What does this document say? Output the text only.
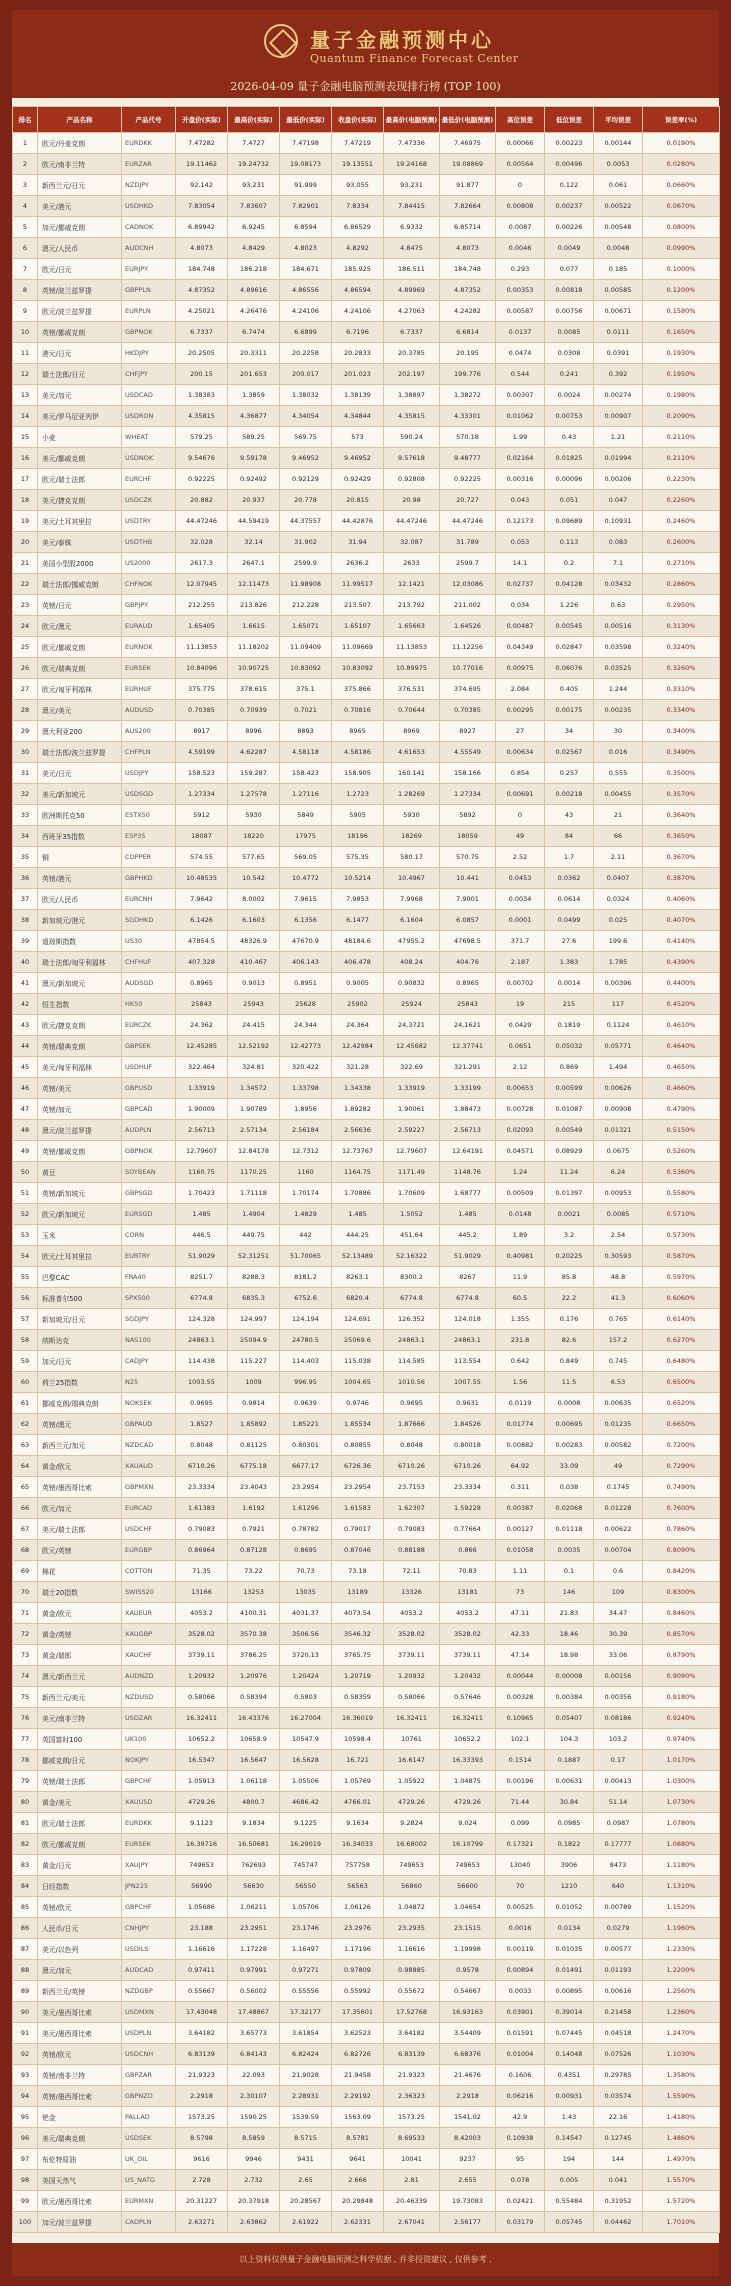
量子金融预测中心
Quantum Finance Forecast Center
2026-04-09 量子金融电脑预测表现排行榜 (TOP 100)
排名	产品名称	产品代号	开盘价(实际)	最高价(实际)	最低价(实际)	收盘价(实际)	最高价(电脑预测)	最低价(电脑预测)	高位误差	低位误差	平均误差	误差率(%)
1	欧元/丹麦克朗	EURDKK	7.47282	7.4727	7.47198	7.47219	7.47336	7.46975	0.00066	0.00223	0.00144	0.0190%
2	欧元/南非兰特	EURZAR	19.11462	19.24732	19.08173	19.13551	19.24168	19.08869	0.00564	0.00496	0.0053	0.0280%
3	新西兰元/日元	NZDJPY	92.142	93.231	91.999	93.055	93.231	91.877	0	0.122	0.061	0.0660%
4	美元/港元	USDHKD	7.83054	7.83607	7.82901	7.8334	7.84415	7.82664	0.00808	0.00237	0.00522	0.0670%
5	加元/挪威克朗	CADNOK	6.89942	6.9245	6.8594	6.86529	6.9332	6.85714	0.0087	0.00226	0.00548	0.0800%
6	澳元/人民币	AUDCNH	4.8073	4.8429	4.8023	4.8292	4.8475	4.8073	0.0046	0.0049	0.0048	0.0990%
7	欧元/日元	EURJPY	184.748	186.218	184.671	185.925	186.511	184.748	0.293	0.077	0.185	0.1000%
8	英镑/波兰兹罗提	GBPPLN	4.87352	4.89616	4.86556	4.86594	4.89969	4.87352	0.00353	0.00818	0.00585	0.1200%
9	欧元/波兰兹罗提	EURPLN	4.25021	4.26476	4.24106	4.24106	4.27063	4.24282	0.00587	0.00756	0.00671	0.1580%
10	英镑/挪威克朗	GBPNOK	6.7337	6.7474	6.6899	6.7196	6.7337	6.6814	0.0137	0.0085	0.0111	0.1650%
11	港元/日元	HKDJPY	20.2505	20.3311	20.2258	20.2833	20.3785	20.195	0.0474	0.0308	0.0391	0.1930%
12	瑞士法郎/日元	CHFJPY	200.15	201.653	200.017	201.023	202.197	199.776	0.544	0.241	0.392	0.1950%
13	美元/加元	USDCAD	1.38383	1.3859	1.38032	1.38139	1.38897	1.38272	0.00307	0.0024	0.00274	0.1980%
14	美元/罗马尼亚列伊	USDRON	4.35815	4.36877	4.34054	4.34844	4.35815	4.33301	0.01062	0.00753	0.00907	0.2090%
15	小麦	WHEAT	579.25	589.25	569.75	573	590.24	570.18	1.99	0.43	1.21	0.2110%
16	美元/挪威克朗	USDNOK	9.54676	9.59178	9.46952	9.46952	9.57618	9.48777	0.02164	0.01825	0.01994	0.2110%
17	欧元/瑞士法郎	EURCHF	0.92225	0.92492	0.92129	0.92429	0.92808	0.92225	0.00316	0.00096	0.00206	0.2230%
18	美元/捷克克朗	USDCZK	20.882	20.937	20.778	20.815	20.98	20.727	0.043	0.051	0.047	0.2260%
19	美元/土耳其里拉	USDTRY	44.47246	44.59419	44.37557	44.42876	44.47246	44.47246	0.12173	0.09689	0.10931	0.2460%
20	美元/泰铢	USDTHB	32.028	32.14	31.902	31.94	32.087	31.789	0.053	0.113	0.083	0.2600%
21	美国小型股2000	US2000	2617.3	2647.1	2599.9	2636.2	2633	2599.7	14.1	0.2	7.1	0.2710%
22	瑞士法郎/挪威克朗	CHFNOK	12.07945	12.11473	11.98908	11.99517	12.1421	12.03086	0.02737	0.04128	0.03432	0.2860%
23	英镑/日元	GBPJPY	212.255	213.826	212.228	213.507	213.792	211.002	0.034	1.226	0.63	0.2950%
24	欧元/澳元	EURAUD	1.65405	1.6615	1.65071	1.65107	1.65663	1.64526	0.00487	0.00545	0.00516	0.3130%
25	欧元/挪威克朗	EURNOK	11.13853	11.18202	11.09409	11.09669	11.13853	11.12256	0.04349	0.02847	0.03598	0.3240%
26	欧元/瑞典克朗	EURSEK	10.84096	10.90725	10.83092	10.83092	10.89975	10.77016	0.00975	0.06076	0.03525	0.3260%
27	欧元/匈牙利福林	EURHUF	375.775	378.615	375.1	375.866	376.531	374.695	2.084	0.405	1.244	0.3310%
28	澳元/美元	AUDUSD	0.70385	0.70939	0.7021	0.70816	0.70644	0.70385	0.00295	0.00175	0.00235	0.3340%
29	澳大利亚200	AUS200	8917	8996	8893	8965	8969	8927	27	34	30	0.3400%
30	瑞士法郎/波兰兹罗提	CHFPLN	4.59199	4.62287	4.58118	4.58186	4.61653	4.55549	0.00634	0.02567	0.016	0.3490%
31	美元/日元	USDJPY	158.523	159.287	158.423	158.905	160.141	158.166	0.854	0.257	0.555	0.3500%
32	美元/新加坡元	USDSGD	1.27334	1.27578	1.27116	1.2723	1.28269	1.27334	0.00691	0.00218	0.00455	0.3570%
33	欧洲斯托克50	ESTX50	5912	5930	5849	5905	5930	5892	0	43	21	0.3640%
34	西班牙35指数	ESP35	18087	18220	17975	18196	18269	18059	49	84	66	0.3650%
35	铜	COPPER	574.55	577.65	569.05	575.35	580.17	570.75	2.52	1.7	2.11	0.3670%
36	英镑/港元	GBPHKD	10.48535	10.542	10.4772	10.5214	10.4967	10.441	0.0453	0.0362	0.0407	0.3870%
37	欧元/人民币	EURCNH	7.9642	8.0002	7.9615	7.9853	7.9968	7.9001	0.0034	0.0614	0.0324	0.4060%
38	新加坡元/港元	SGDHKD	6.1426	6.1603	6.1356	6.1477	6.1604	6.0857	0.0001	0.0499	0.025	0.4070%
39	道琼斯指数	US30	47854.5	48326.9	47670.9	48184.6	47955.2	47698.5	371.7	27.6	199.6	0.4140%
40	瑞士法郎/匈牙利福林	CHFHUF	407.328	410.467	406.143	406.478	408.24	404.76	2.187	1.383	1.785	0.4390%
41	澳元/新加坡元	AUDSGD	0.8965	0.9013	0.8951	0.9005	0.90832	0.8965	0.00702	0.0014	0.00396	0.4400%
42	恒生指数	HK50	25843	25943	25628	25902	25924	25843	19	215	117	0.4520%
43	欧元/捷克克朗	EURCZK	24.362	24.415	24.344	24.364	24.3721	24.1621	0.0429	0.1819	0.1124	0.4610%
44	英镑/瑞典克朗	GBPSEK	12.45285	12.52192	12.42773	12.42984	12.45682	12.37741	0.0651	0.05032	0.05771	0.4640%
45	美元/匈牙利福林	USDHUF	322.464	324.81	320.422	321.28	322.69	321.291	2.12	0.869	1.494	0.4650%
46	英镑/美元	GBPUSD	1.33919	1.34572	1.33798	1.34338	1.33919	1.33199	0.00653	0.00599	0.00626	0.4660%
47	英镑/加元	GBPCAD	1.90009	1.90789	1.8956	1.89282	1.90061	1.88473	0.00728	0.01087	0.00908	0.4790%
48	澳元/波兰兹罗提	AUDPLN	2.56713	2.57134	2.56184	2.56636	2.59227	2.56713	0.02093	0.00549	0.01321	0.5150%
49	英镑/挪威克朗	GBPNOK	12.79607	12.84178	12.7312	12.73767	12.79607	12.64191	0.04571	0.08929	0.0675	0.5260%
50	黄豆	SOYBEAN	1160.75	1170.25	1160	1164.75	1171.49	1148.76	1.24	11.24	6.24	0.5360%
51	英镑/新加坡元	GBPSGD	1.70423	1.71118	1.70174	1.70886	1.70609	1.68777	0.00509	0.01397	0.00953	0.5580%
52	欧元/新加坡元	EURSGD	1.485	1.4904	1.4829	1.485	1.5052	1.485	0.0148	0.0021	0.0085	0.5710%
53	玉米	CORN	446.5	449.75	442	444.25	451.64	445.2	1.89	3.2	2.54	0.5730%
54	欧元/土耳其里拉	EURTRY	51.9029	52.31251	51.70065	52.13489	52.16322	51.9029	0.40981	0.20225	0.30593	0.5870%
55	巴黎CAC	FRA40	8251.7	8288.3	8181.2	8263.1	8300.2	8267	11.9	85.8	48.8	0.5970%
56	标准普尔500	SPX500	6774.8	6835.3	6752.6	6820.4	6774.8	6774.8	60.5	22.2	41.3	0.6060%
57	新加坡元/日元	SGDJPY	124.328	124.997	124.194	124.691	126.352	124.018	1.355	0.176	0.765	0.6140%
58	纳斯达克	NAS100	24863.1	25094.9	24780.5	25069.6	24863.1	24863.1	231.8	82.6	157.2	0.6270%
59	加元/日元	CADJPY	114.438	115.227	114.403	115.038	114.585	113.554	0.642	0.849	0.745	0.6480%
60	荷兰25指数	N25	1003.55	1009	996.95	1004.65	1010.56	1007.55	1.56	11.5	6.53	0.6500%
61	挪威克朗/瑞典克朗	NOKSEK	0.9695	0.9814	0.9639	0.9746	0.9695	0.9631	0.0119	0.0008	0.00635	0.6520%
62	英镑/澳元	GBPAUD	1.8527	1.85892	1.85221	1.85534	1.87666	1.84526	0.01774	0.00695	0.01235	0.6650%
63	新西兰元/加元	NZDCAD	0.8048	0.81125	0.80301	0.80855	0.8048	0.80018	0.00882	0.00283	0.00582	0.7200%
64	黄金/欧元	XAUAUD	6710.26	6775.18	6677.17	6726.36	6710.26	6710.26	64.92	33.09	49	0.7290%
65	英镑/墨西哥比索	GBPMXN	23.3334	23.4043	23.2954	23.2954	23.7153	23.3334	0.311	0.038	0.1745	0.7490%
66	欧元/加元	EURCAD	1.61383	1.6192	1.61296	1.61583	1.62307	1.59228	0.00387	0.02068	0.01228	0.7600%
67	美元/瑞士法郎	USDCHF	0.79083	0.7921	0.78782	0.79017	0.79083	0.77664	0.00127	0.01118	0.00622	0.7860%
68	欧元/英镑	EURGBP	0.86964	0.87128	0.8695	0.87046	0.88188	0.866	0.01058	0.0035	0.00704	0.8090%
69	棉花	COTTON	71.35	73.22	70.73	73.18	72.11	70.83	1.11	0.1	0.6	0.8420%
70	瑞士20指数	SWISS20	13166	13253	13035	13189	13326	13181	73	146	109	0.8300%
71	黄金/欧元	XAUEUR	4053.2	4100.31	4031.37	4073.54	4053.2	4053.2	47.11	21.83	34.47	0.8460%
72	黄金/英镑	XAUGBP	3528.02	3570.38	3506.56	3546.32	3528.02	3528.02	42.33	18.46	30.39	0.8570%
73	黄金/瑞郎	XAUCHF	3739.11	3786.25	3720.13	3765.75	3739.11	3739.11	47.14	18.98	33.06	0.8790%
74	澳元/新西兰元	AUDNZD	1.20932	1.20976	1.20424	1.20719	1.20932	1.20432	0.00044	0.00008	0.00156	0.9090%
75	新西兰元/美元	NZDUSD	0.58066	0.58394	0.5803	0.58359	0.58066	0.57646	0.00328	0.00384	0.00356	0.9180%
76	美元/南非兰特	USDZAR	16.32411	16.43376	16.27004	16.36019	16.32411	16.32411	0.10965	0.05407	0.08186	0.9240%
77	英国富时100	UK100	10652.2	10658.9	10547.9	10598.4	10761	10652.2	102.1	104.3	103.2	0.9740%
78	挪威克朗/日元	NOKJPY	16.5347	16.5647	16.5628	16.721	16.6147	16.33393	0.1514	0.1887	0.17	1.0170%
79	英镑/瑞士法郎	GBPCHF	1.05913	1.06118	1.05506	1.05769	1.05922	1.04875	0.00196	0.00631	0.00413	1.0300%
80	黄金/美元	XAUUSD	4729.26	4800.7	4686.42	4766.01	4729.26	4729.26	71.44	30.84	51.14	1.0730%
81	欧元/瑞士法郎	EURDKK	9.1123	9.1834	9.1225	9.1634	9.2824	9.024	0.099	0.0985	0.0987	1.0780%
82	欧元/挪威克朗	EURSEK	16.39716	16.50681	16.29019	16.34033	16.68002	16.10799	0.17321	0.1822	0.17777	1.0880%
83	黄金/日元	XAUJPY	749653	762693	745747	757758	749653	749653	13040	3906	8473	1.1180%
84	日经指数	JPN225	56990	56630	56550	56563	56860	56600	70	1210	640	1.1310%
85	英镑/欧元	GBPCHF	1.05686	1.06211	1.05706	1.06126	1.04872	1.04654	0.00525	0.01052	0.00789	1.1520%
86	人民币/日元	CNHJPY	23.188	23.2951	23.1746	23.2976	23.2935	23.1515	0.0016	0.0134	0.0279	1.1960%
87	美元/以色列	USDILS	1.16616	1.17228	1.16497	1.17196	1.16616	1.19998	0.00119	0.01035	0.00577	1.2330%
88	澳元/加元	AUDCAD	0.97411	0.97991	0.97271	0.97809	0.98885	0.9578	0.00894	0.01491	0.01193	1.2200%
89	新西兰元/英镑	NZDGBP	0.55667	0.56002	0.55556	0.55992	0.55672	0.54667	0.0033	0.00895	0.00616	1.2560%
90	美元/墨西哥比索	USDMXN	17.43048	17.48867	17.32177	17.35601	17.52768	16.93163	0.03901	0.39014	0.21458	1.2360%
91	美元/墨西哥比索	USDPLN	3.64182	3.65773	3.61854	3.62523	3.64182	3.54409	0.01591	0.07445	0.04518	1.2470%
92	英镑/欧元	USDCNH	6.83139	6.84143	6.82424	6.82726	6.83139	6.68376	0.01004	0.14048	0.07526	1.1030%
93	英镑/南非兰特	GBPZAR	21.9323	22.093	21.9028	21.9458	21.9323	21.4676	0.1606	0.4351	0.29785	1.3580%
94	英镑/墨西哥比索	GBPNZD	2.2918	2.30107	2.28931	2.29192	2.36323	2.2918	0.06216	0.00931	0.03574	1.5590%
95	钯金	PALLAD	1573.25	1590.25	1539.59	1563.09	1573.25	1541.02	42.9	1.43	22.16	1.4180%
96	美元/瑞典克朗	USDSEK	8.5798	8.5859	8.5715	8.5781	8.69533	8.42003	0.10938	0.14547	0.12745	1.4860%
97	布伦特原油	UK_OIL	9616	9946	9431	9641	10041	9237	95	194	144	1.4970%
98	美国天然气	US_NATG	2.728	2.732	2.65	2.666	2.81	2.655	0.078	0.005	0.041	1.5570%
99	欧元/墨西哥比索	EURMXN	20.31227	20.37918	20.28567	20.29848	20.46339	19.73083	0.02421	0.55484	0.31952	1.5720%
100	加元/波兰兹罗提	CADPLN	2.63271	2.63862	2.61922	2.62331	2.67041	2.56177	0.03179	0.05745	0.04462	1.7010%
以上资料仅供量子金融电脑预测之科学依据 , 并非投资建议 , 仅供参考 .
